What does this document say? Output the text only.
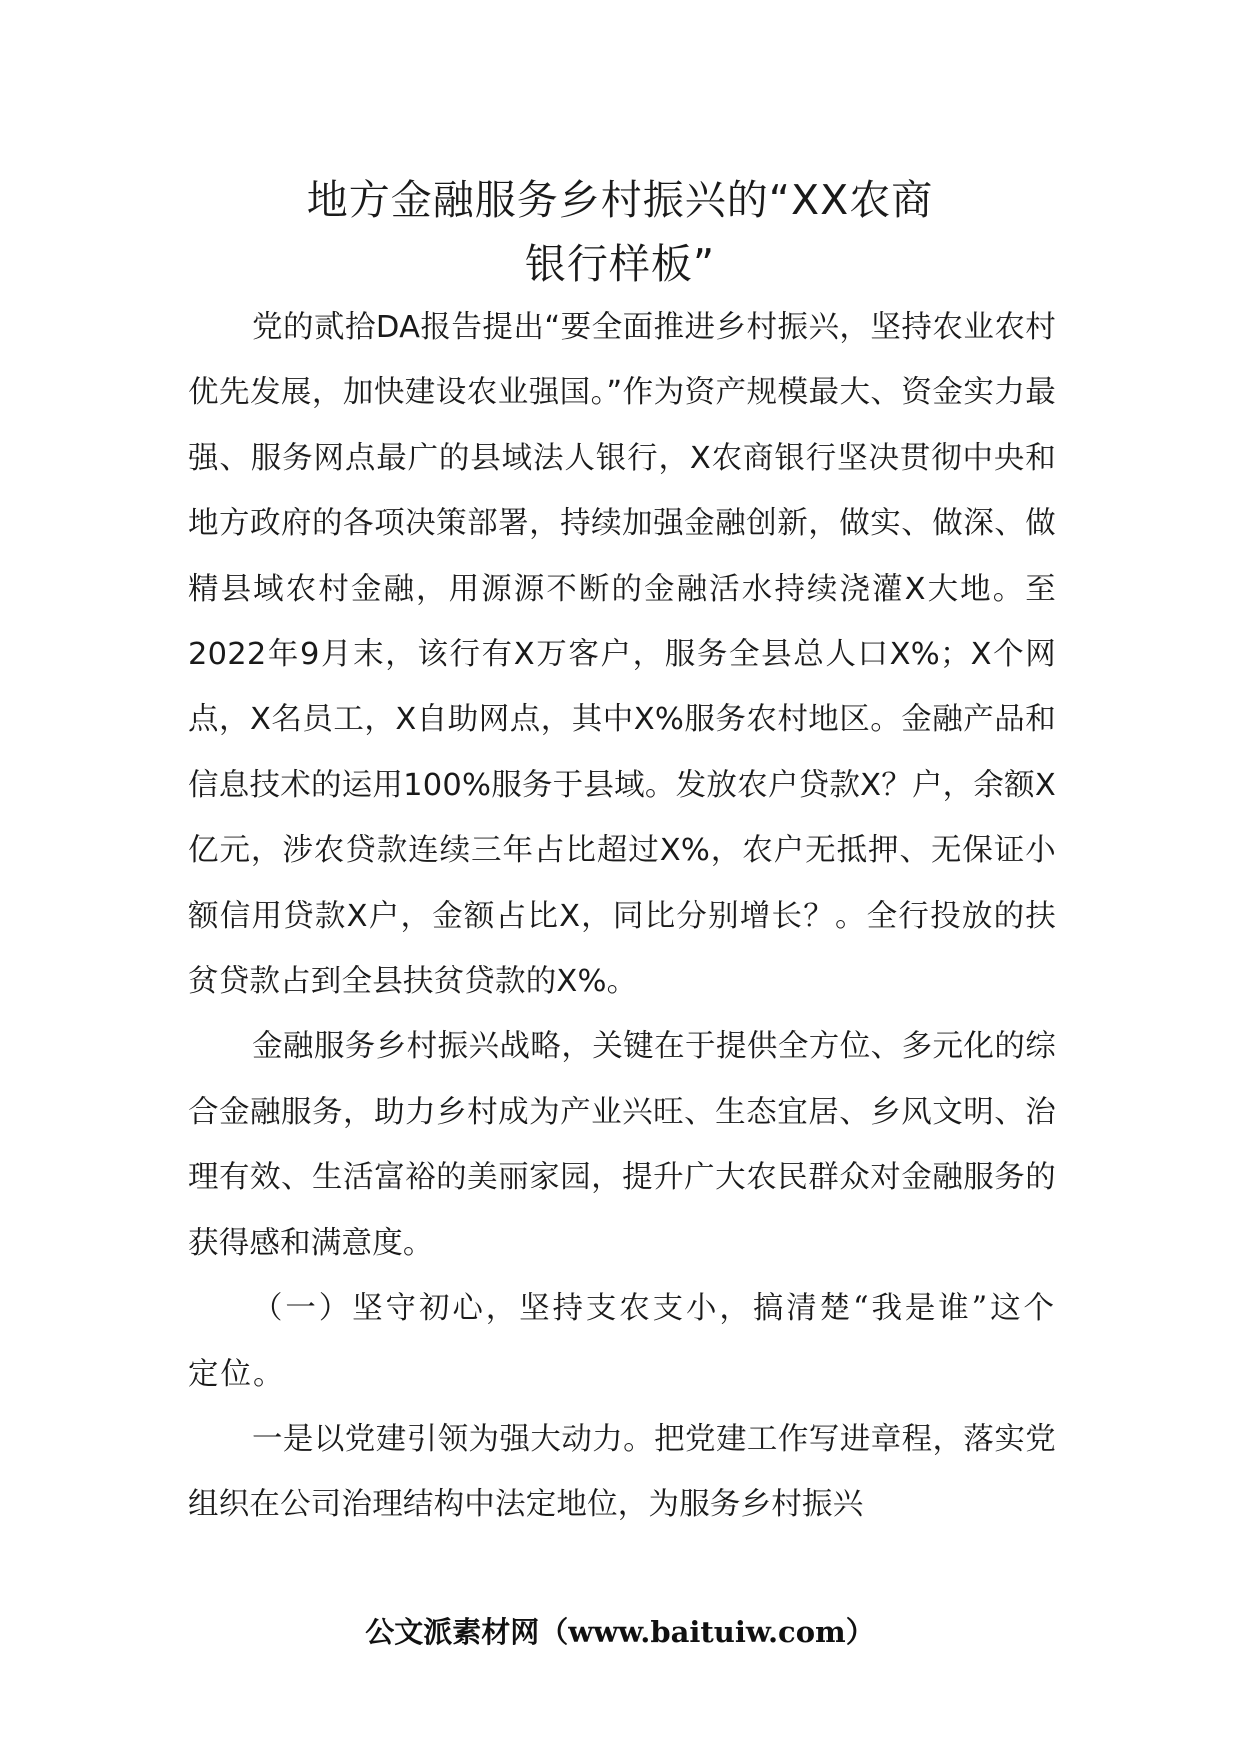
地方金融服务乡村振兴的“XX农商
银行样板”

党的贰拾DA报告提出“要全面推进乡村振兴，坚持农业农村优先发展，加快建设农业强国。”作为资产规模最大、资金实力最强、服务网点最广的县域法人银行，X农商银行坚决贯彻中央和地方政府的各项决策部署，持续加强金融创新，做实、做深、做精县域农村金融，用源源不断的金融活水持续浇灌X大地。至2022年9月末，该行有X万客户，服务全县总人口X%；X个网点，X名员工，X自助网点，其中X%服务农村地区。金融产品和信息技术的运用100%服务于县域。发放农户贷款X？户，余额X亿元，涉农贷款连续三年占比超过X%，农户无抵押、无保证小额信用贷款X户，金额占比X，同比分别增长？。全行投放的扶贫贷款占到全县扶贫贷款的X%。

金融服务乡村振兴战略，关键在于提供全方位、多元化的综合金融服务，助力乡村成为产业兴旺、生态宜居、乡风文明、治理有效、生活富裕的美丽家园，提升广大农民群众对金融服务的获得感和满意度。

（一）坚守初心，坚持支农支小，搞清楚“我是谁”这个定位。

一是以党建引领为强大动力。把党建工作写进章程，落实党组织在公司治理结构中法定地位，为服务乡村振兴

公文派素材网（www.baituiw.com）
